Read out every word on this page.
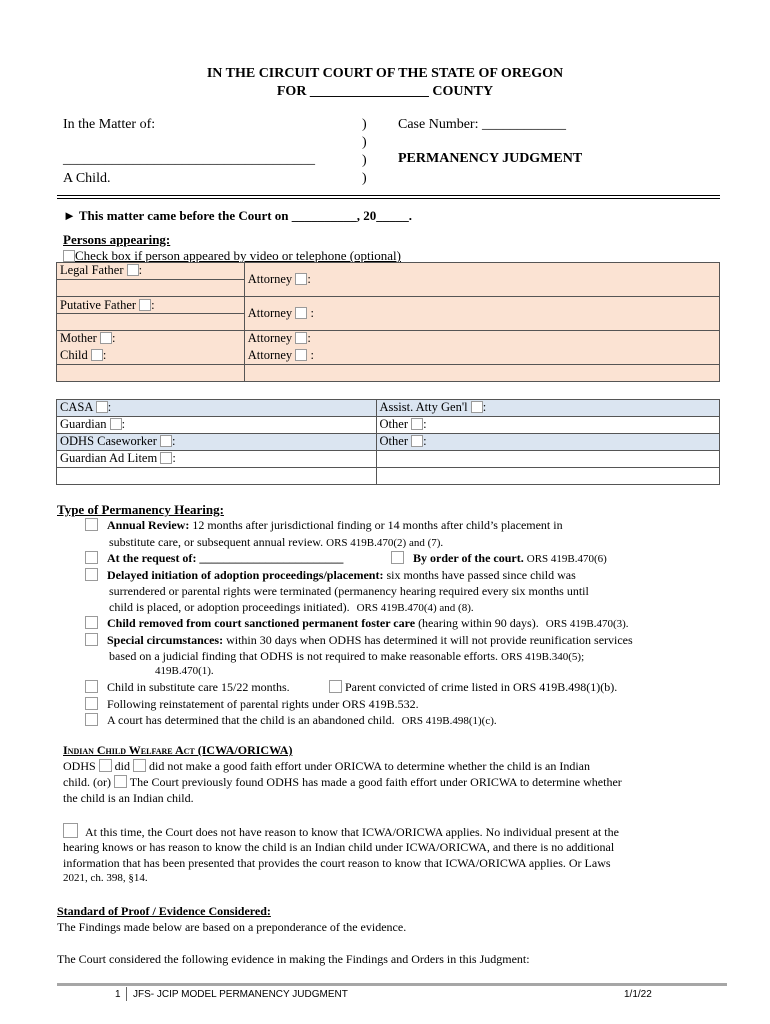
IN THE CIRCUIT COURT OF THE STATE OF OREGON
FOR _________________ COUNTY
In the Matter of:
____________________________________
A Child.
)
)
)
)
Case Number: ____________
PERMANENCY JUDGMENT
► This matter came before the Court on __________, 20_____.
Persons appearing:
Check box if person appeared by video or telephone (optional)
Legal Father :	Attorney :

Putative Father :	Attorney :

Mother :	Attorney :
Child :	Attorney :

CASA :	Assist. Atty Gen'l :
Guardian :	Other :
ODHS Caseworker :	Other :
Guardian Ad Litem :	

Type of Permanency Hearing:
Annual Review: 12 months after jurisdictional finding or 14 months after child’s placement in
substitute care, or subsequent annual review. ORS 419B.470(2) and (7).
At the request of: ________________________	By order of the court. ORS 419B.470(6)
Delayed initiation of adoption proceedings/placement: six months have passed since child was
surrendered or parental rights were terminated (permanency hearing required every six months until
child is placed, or adoption proceedings initiated). ORS 419B.470(4) and (8).
Child removed from court sanctioned permanent foster care (hearing within 90 days). ORS 419B.470(3).
Special circumstances: within 30 days when ODHS has determined it will not provide reunification services
based on a judicial finding that ODHS is not required to make reasonable efforts. ORS 419B.340(5);
419B.470(1).
Child in substitute care 15/22 months.	Parent convicted of crime listed in ORS 419B.498(1)(b).
Following reinstatement of parental rights under ORS 419B.532.
A court has determined that the child is an abandoned child. ORS 419B.498(1)(c).
Indian Child Welfare Act (ICWA/ORICWA)
ODHS did did not make a good faith effort under ORICWA to determine whether the child is an Indian
child. (or) The Court previously found ODHS has made a good faith effort under ORICWA to determine whether
the child is an Indian child.
At this time, the Court does not have reason to know that ICWA/ORICWA applies. No individual present at the
hearing knows or has reason to know the child is an Indian child under ICWA/ORICWA, and there is no additional
information that has been presented that provides the court reason to know that ICWA/ORICWA applies. Or Laws
2021, ch. 398, §14.
Standard of Proof / Evidence Considered:
The Findings made below are based on a preponderance of the evidence.
The Court considered the following evidence in making the Findings and Orders in this Judgment:
1 JFS- JCIP MODEL PERMANENCY JUDGMENT	1/1/22
